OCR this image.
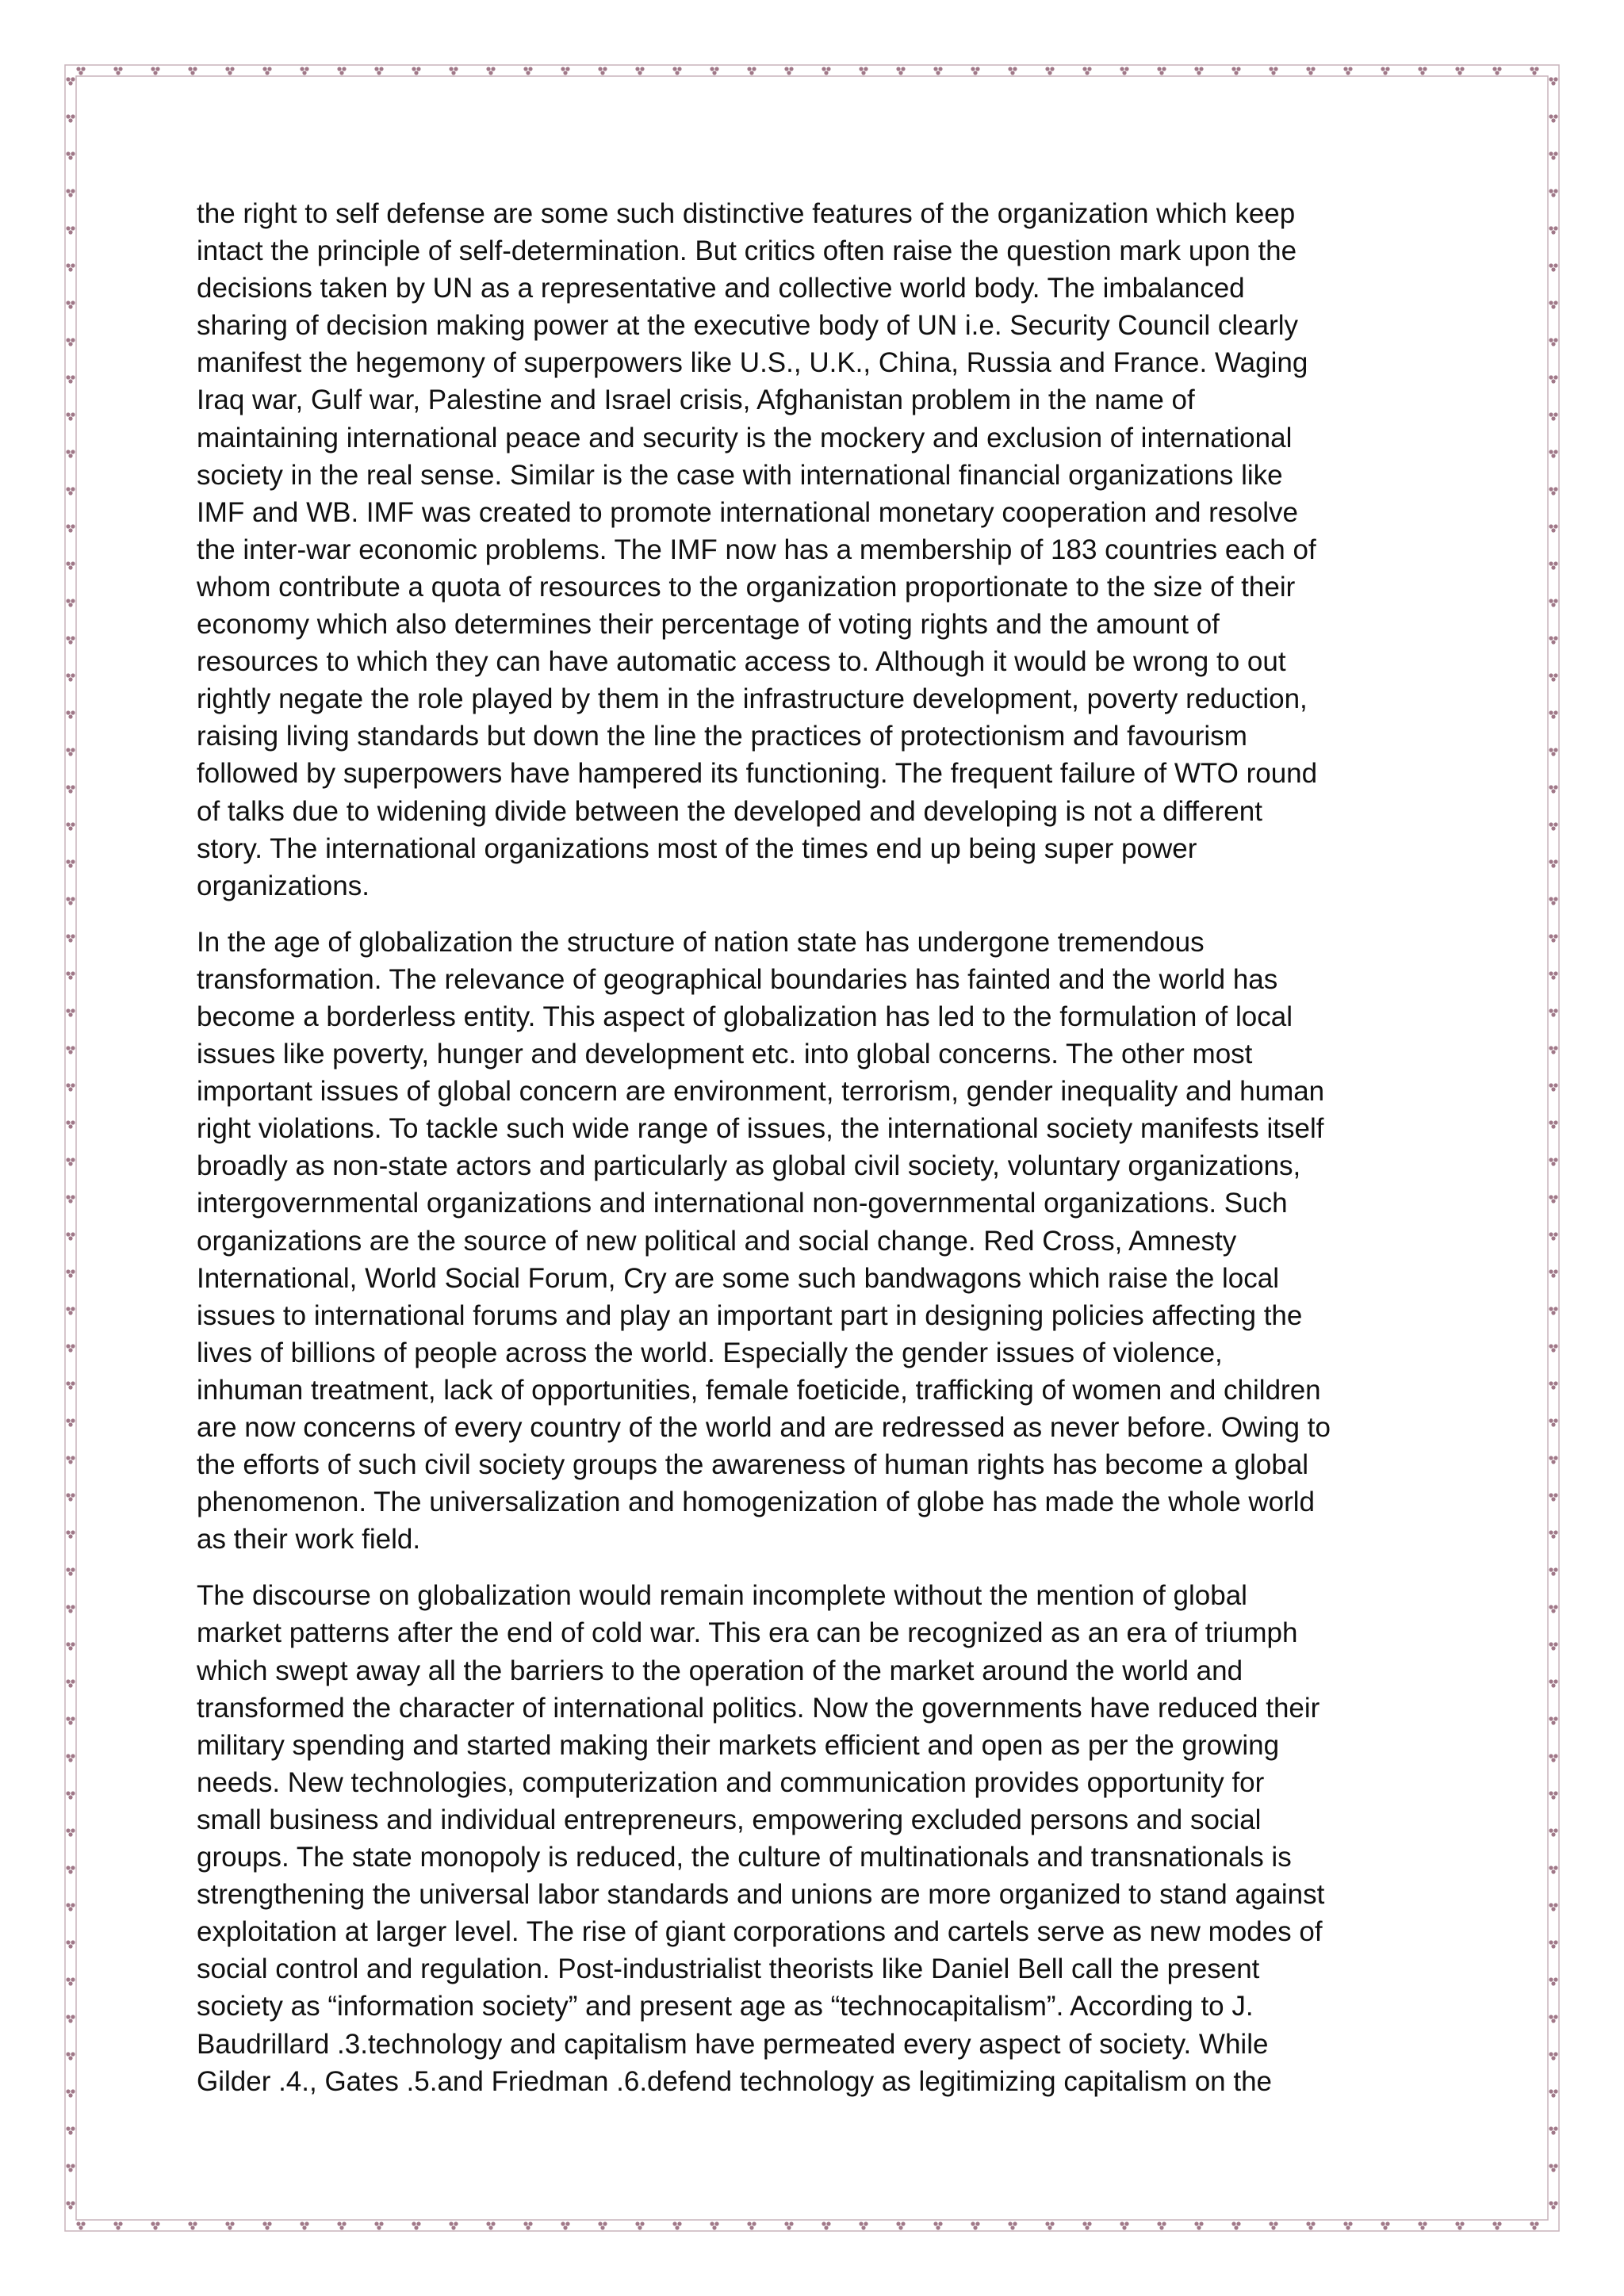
the right to self defense are some such distinctive features of the organization which keep
intact the principle of self-determination. But critics often raise the question mark upon the
decisions taken by UN as a representative and collective world body. The imbalanced
sharing of decision making power at the executive body of UN i.e. Security Council clearly
manifest the hegemony of superpowers like U.S., U.K., China, Russia and France. Waging
Iraq war, Gulf war, Palestine and Israel crisis, Afghanistan problem in the name of
maintaining international peace and security is the mockery and exclusion of international
society in the real sense. Similar is the case with international financial organizations like
IMF and WB. IMF was created to promote international monetary cooperation and resolve
the inter-war economic problems. The IMF now has a membership of 183 countries each of
whom contribute a quota of resources to the organization proportionate to the size of their
economy which also determines their percentage of voting rights and the amount of
resources to which they can have automatic access to. Although it would be wrong to out
rightly negate the role played by them in the infrastructure development, poverty reduction,
raising living standards but down the line the practices of protectionism and favourism
followed by superpowers have hampered its functioning. The frequent failure of WTO round
of talks due to widening divide between the developed and developing is not a different
story. The international organizations most of the times end up being super power
organizations.

In the age of globalization the structure of nation state has undergone tremendous
transformation. The relevance of geographical boundaries has fainted and the world has
become a borderless entity. This aspect of globalization has led to the formulation of local
issues like poverty, hunger and development etc. into global concerns. The other most
important issues of global concern are environment, terrorism, gender inequality and human
right violations. To tackle such wide range of issues, the international society manifests itself
broadly as non-state actors and particularly as global civil society, voluntary organizations,
intergovernmental organizations and international non-governmental organizations. Such
organizations are the source of new political and social change. Red Cross, Amnesty
International, World Social Forum, Cry are some such bandwagons which raise the local
issues to international forums and play an important part in designing policies affecting the
lives of billions of people across the world. Especially the gender issues of violence,
inhuman treatment, lack of opportunities, female foeticide, trafficking of women and children
are now concerns of every country of the world and are redressed as never before. Owing to
the efforts of such civil society groups the awareness of human rights has become a global
phenomenon. The universalization and homogenization of globe has made the whole world
as their work field.

The discourse on globalization would remain incomplete without the mention of global
market patterns after the end of cold war. This era can be recognized as an era of triumph
which swept away all the barriers to the operation of the market around the world and
transformed the character of international politics. Now the governments have reduced their
military spending and started making their markets efficient and open as per the growing
needs. New technologies, computerization and communication provides opportunity for
small business and individual entrepreneurs, empowering excluded persons and social
groups. The state monopoly is reduced, the culture of multinationals and transnationals is
strengthening the universal labor standards and unions are more organized to stand against
exploitation at larger level. The rise of giant corporations and cartels serve as new modes of
social control and regulation. Post-industrialist theorists like Daniel Bell call the present
society as “information society” and present age as “technocapitalism”. According to J.
Baudrillard .3.technology and capitalism have permeated every aspect of society. While
Gilder .4., Gates .5.and Friedman .6.defend technology as legitimizing capitalism on the
